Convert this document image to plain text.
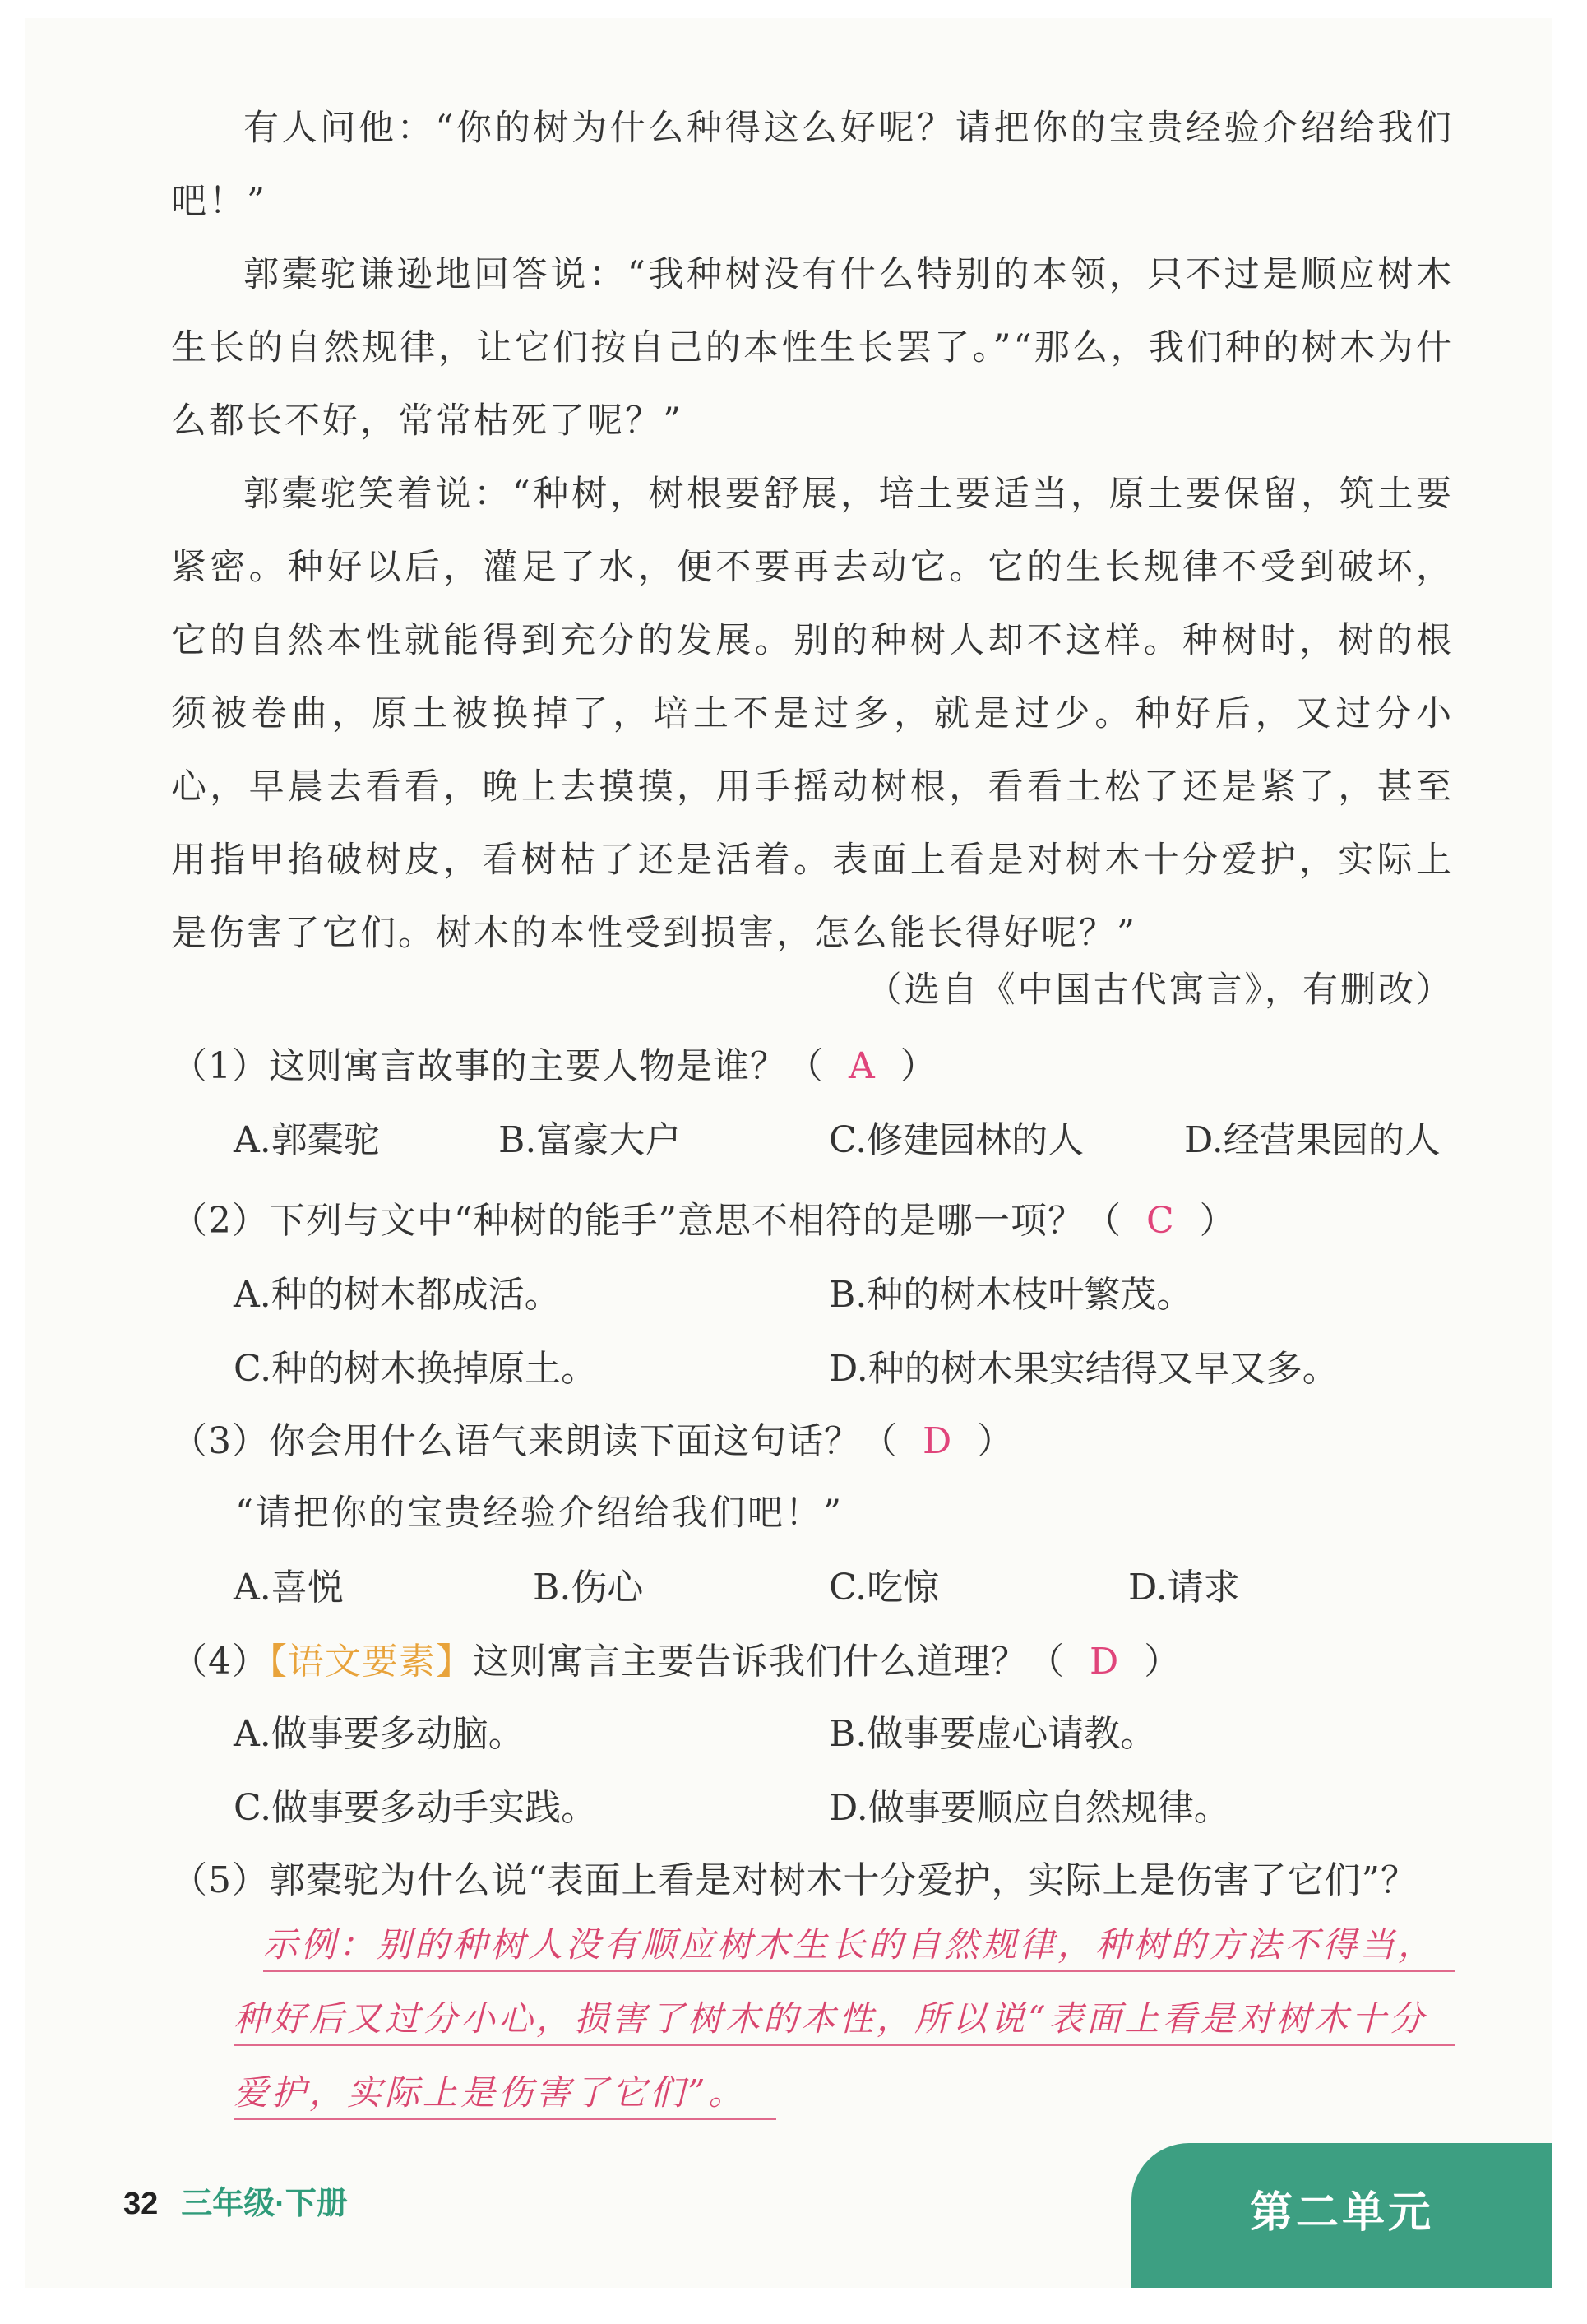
有人问他：“你的树为什么种得这么好呢？请把你的宝贵经验介绍给我们吧！”

郭橐驼谦逊地回答说：“我种树没有什么特别的本领，只不过是顺应树木生长的自然规律，让它们按自己的本性生长罢了。”“那么，我们种的树木为什么都长不好，常常枯死了呢？”

郭橐驼笑着说：“种树，树根要舒展，培土要适当，原土要保留，筑土要紧密。种好以后，灌足了水，便不要再去动它。它的生长规律不受到破坏，它的自然本性就能得到充分的发展。别的种树人却不这样。种树时，树的根须被卷曲，原土被换掉了，培土不是过多，就是过少。种好后，又过分小心，早晨去看看，晚上去摸摸，用手摇动树根，看看土松了还是紧了，甚至用指甲掐破树皮，看树枯了还是活着。表面上看是对树木十分爱护，实际上是伤害了它们。树木的本性受到损害，怎么能长得好呢？”

（选自《中国古代寓言》，有删改）
（1）这则寓言故事的主要人物是谁？（ A ）
A.郭橐驼	B.富豪大户	C.修建园林的人	D.经营果园的人
（2）下列与文中“种树的能手”意思不相符的是哪一项？（ C ）
A.种的树木都成活。	B.种的树木枝叶繁茂。
C.种的树木换掉原土。	D.种的树木果实结得又早又多。
（3）你会用什么语气来朗读下面这句话？（ D ）
“请把你的宝贵经验介绍给我们吧！”
A.喜悦	B.伤心	C.吃惊	D.请求
（4）【语文要素】这则寓言主要告诉我们什么道理？（ D ）
A.做事要多动脑。	B.做事要虚心请教。
C.做事要多动手实践。	D.做事要顺应自然规律。
（5）郭橐驼为什么说“表面上看是对树木十分爱护，实际上是伤害了它们”？
示例：别的种树人没有顺应树木生长的自然规律，种树的方法不得当，
种好后又过分小心，损害了树木的本性，所以说“表面上看是对树木十分
爱护，实际上是伤害了它们”。
32 三年级·下册	第二单元
